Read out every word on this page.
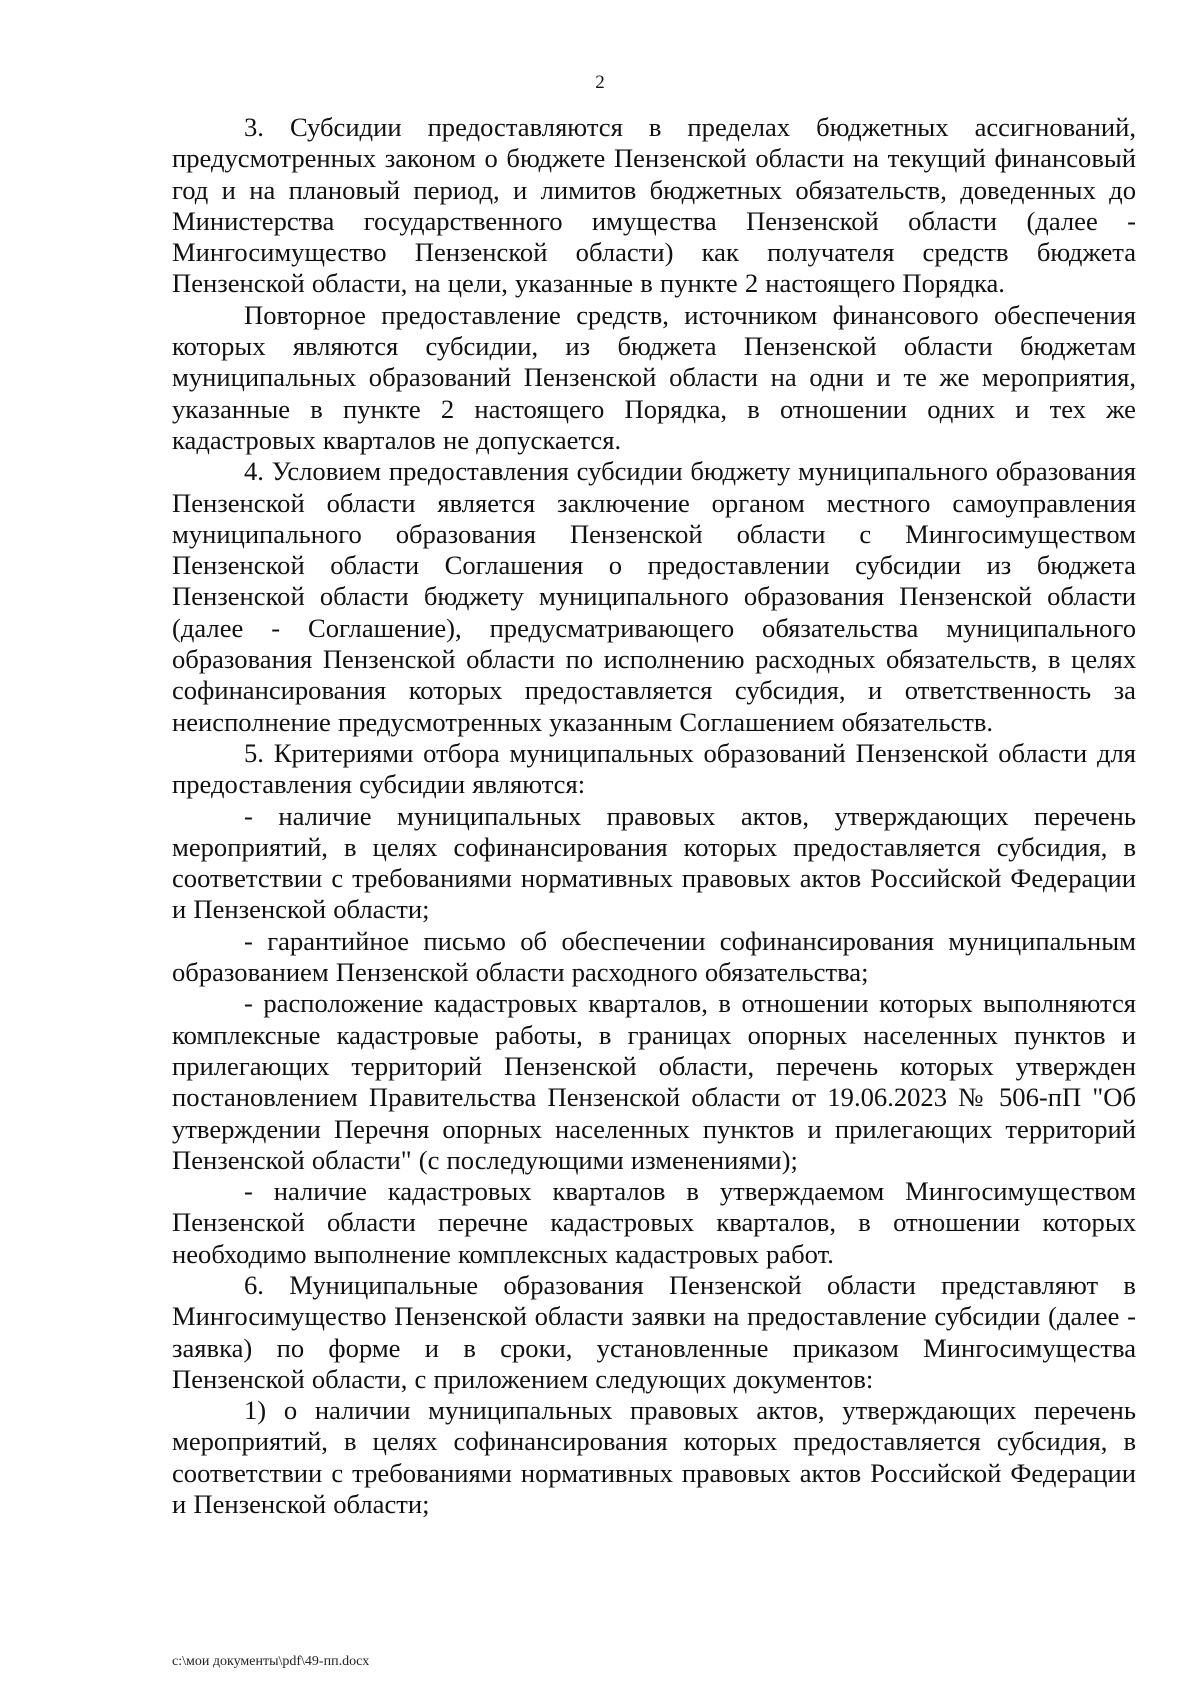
2

3. Субсидии предоставляются в пределах бюджетных ассигнований, предусмотренных законом о бюджете Пензенской области на текущий финансовый год и на плановый период, и лимитов бюджетных обязательств, доведенных до Министерства государственного имущества Пензенской области (далее - Мингосимущество Пензенской области) как получателя средств бюджета Пензенской области, на цели, указанные в пункте 2 настоящего Порядка.

Повторное предоставление средств, источником финансового обеспечения которых являются субсидии, из бюджета Пензенской области бюджетам муниципальных образований Пензенской области на одни и те же мероприятия, указанные в пункте 2 настоящего Порядка, в отношении одних и тех же кадастровых кварталов не допускается.

4. Условием предоставления субсидии бюджету муниципального образования Пензенской области является заключение органом местного самоуправления муниципального образования Пензенской области с Мингосимуществом Пензенской области Соглашения о предоставлении субсидии из бюджета Пензенской области бюджету муниципального образования Пензенской области (далее - Соглашение), предусматривающего обязательства муниципального образования Пензенской области по исполнению расходных обязательств, в целях софинансирования которых предоставляется субсидия, и ответственность за неисполнение предусмотренных указанным Соглашением обязательств.

5. Критериями отбора муниципальных образований Пензенской области для предоставления субсидии являются:

- наличие муниципальных правовых актов, утверждающих перечень мероприятий, в целях софинансирования которых предоставляется субсидия, в соответствии с требованиями нормативных правовых актов Российской Федерации и Пензенской области;

- гарантийное письмо об обеспечении софинансирования муниципальным образованием Пензенской области расходного обязательства;

- расположение кадастровых кварталов, в отношении которых выполняются комплексные кадастровые работы, в границах опорных населенных пунктов и прилегающих территорий Пензенской области, перечень которых утвержден постановлением Правительства Пензенской области от 19.06.2023 № 506-пП "Об утверждении Перечня опорных населенных пунктов и прилегающих территорий Пензенской области" (с последующими изменениями);

- наличие кадастровых кварталов в утверждаемом Мингосимуществом Пензенской области перечне кадастровых кварталов, в отношении которых необходимо выполнение комплексных кадастровых работ.

6. Муниципальные образования Пензенской области представляют в Мингосимущество Пензенской области заявки на предоставление субсидии (далее - заявка) по форме и в сроки, установленные приказом Мингосимущества Пензенской области, с приложением следующих документов:

1) о наличии муниципальных правовых актов, утверждающих перечень мероприятий, в целях софинансирования которых предоставляется субсидия, в соответствии с требованиями нормативных правовых актов Российской Федерации и Пензенской области;

c:\мои документы\pdf\49-пп.docx
